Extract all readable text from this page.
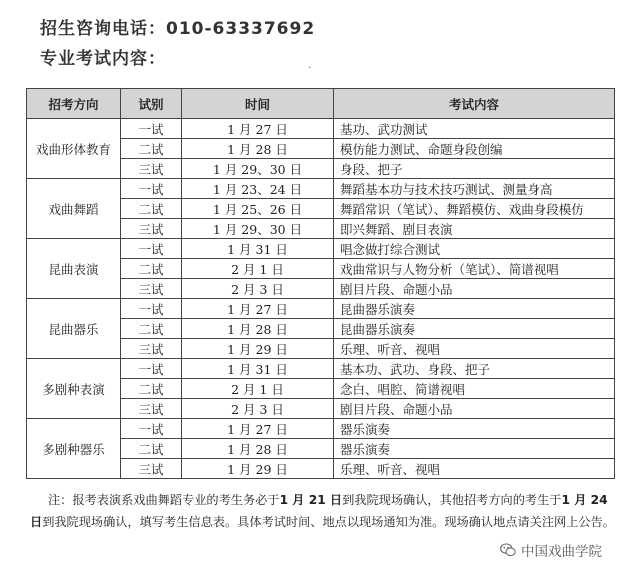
招生咨询电话：010-63337692
专业考试内容：	·
招考方向	试别	时间	考试内容
戏曲形体教育	一试	1 月 27 日	基功、武功测试
	二试	1 月 28 日	模仿能力测试、命题身段创编
	三试	1 月 29、30 日	身段、把子
戏曲舞蹈	一试	1 月 23、24 日	舞蹈基本功与技术技巧测试、测量身高
	二试	1 月 25、26 日	舞蹈常识（笔试）、舞蹈模仿、戏曲身段模仿
	三试	1 月 29、30 日	即兴舞蹈、剧目表演
昆曲表演	一试	1 月 31 日	唱念做打综合测试
	二试	2 月 1 日	戏曲常识与人物分析（笔试）、简谱视唱
	三试	2 月 3 日	剧目片段、命题小品
昆曲器乐	一试	1 月 27 日	昆曲器乐演奏
	二试	1 月 28 日	昆曲器乐演奏
	三试	1 月 29 日	乐理、听音、视唱
多剧种表演	一试	1 月 31 日	基本功、武功、身段、把子
	二试	2 月 1 日	念白、唱腔、简谱视唱
	三试	2 月 3 日	剧目片段、命题小品
多剧种器乐	一试	1 月 27 日	器乐演奏
	二试	1 月 28 日	器乐演奏
	三试	1 月 29 日	乐理、听音、视唱
注：报考表演系戏曲舞蹈专业的考生务必于1 月 21 日到我院现场确认，其他招考方向的考生于1 月 24 日到我院现场确认，填写考生信息表。具体考试时间、地点以现场通知为准。现场确认地点请关注网上公告。
中国戏曲学院
